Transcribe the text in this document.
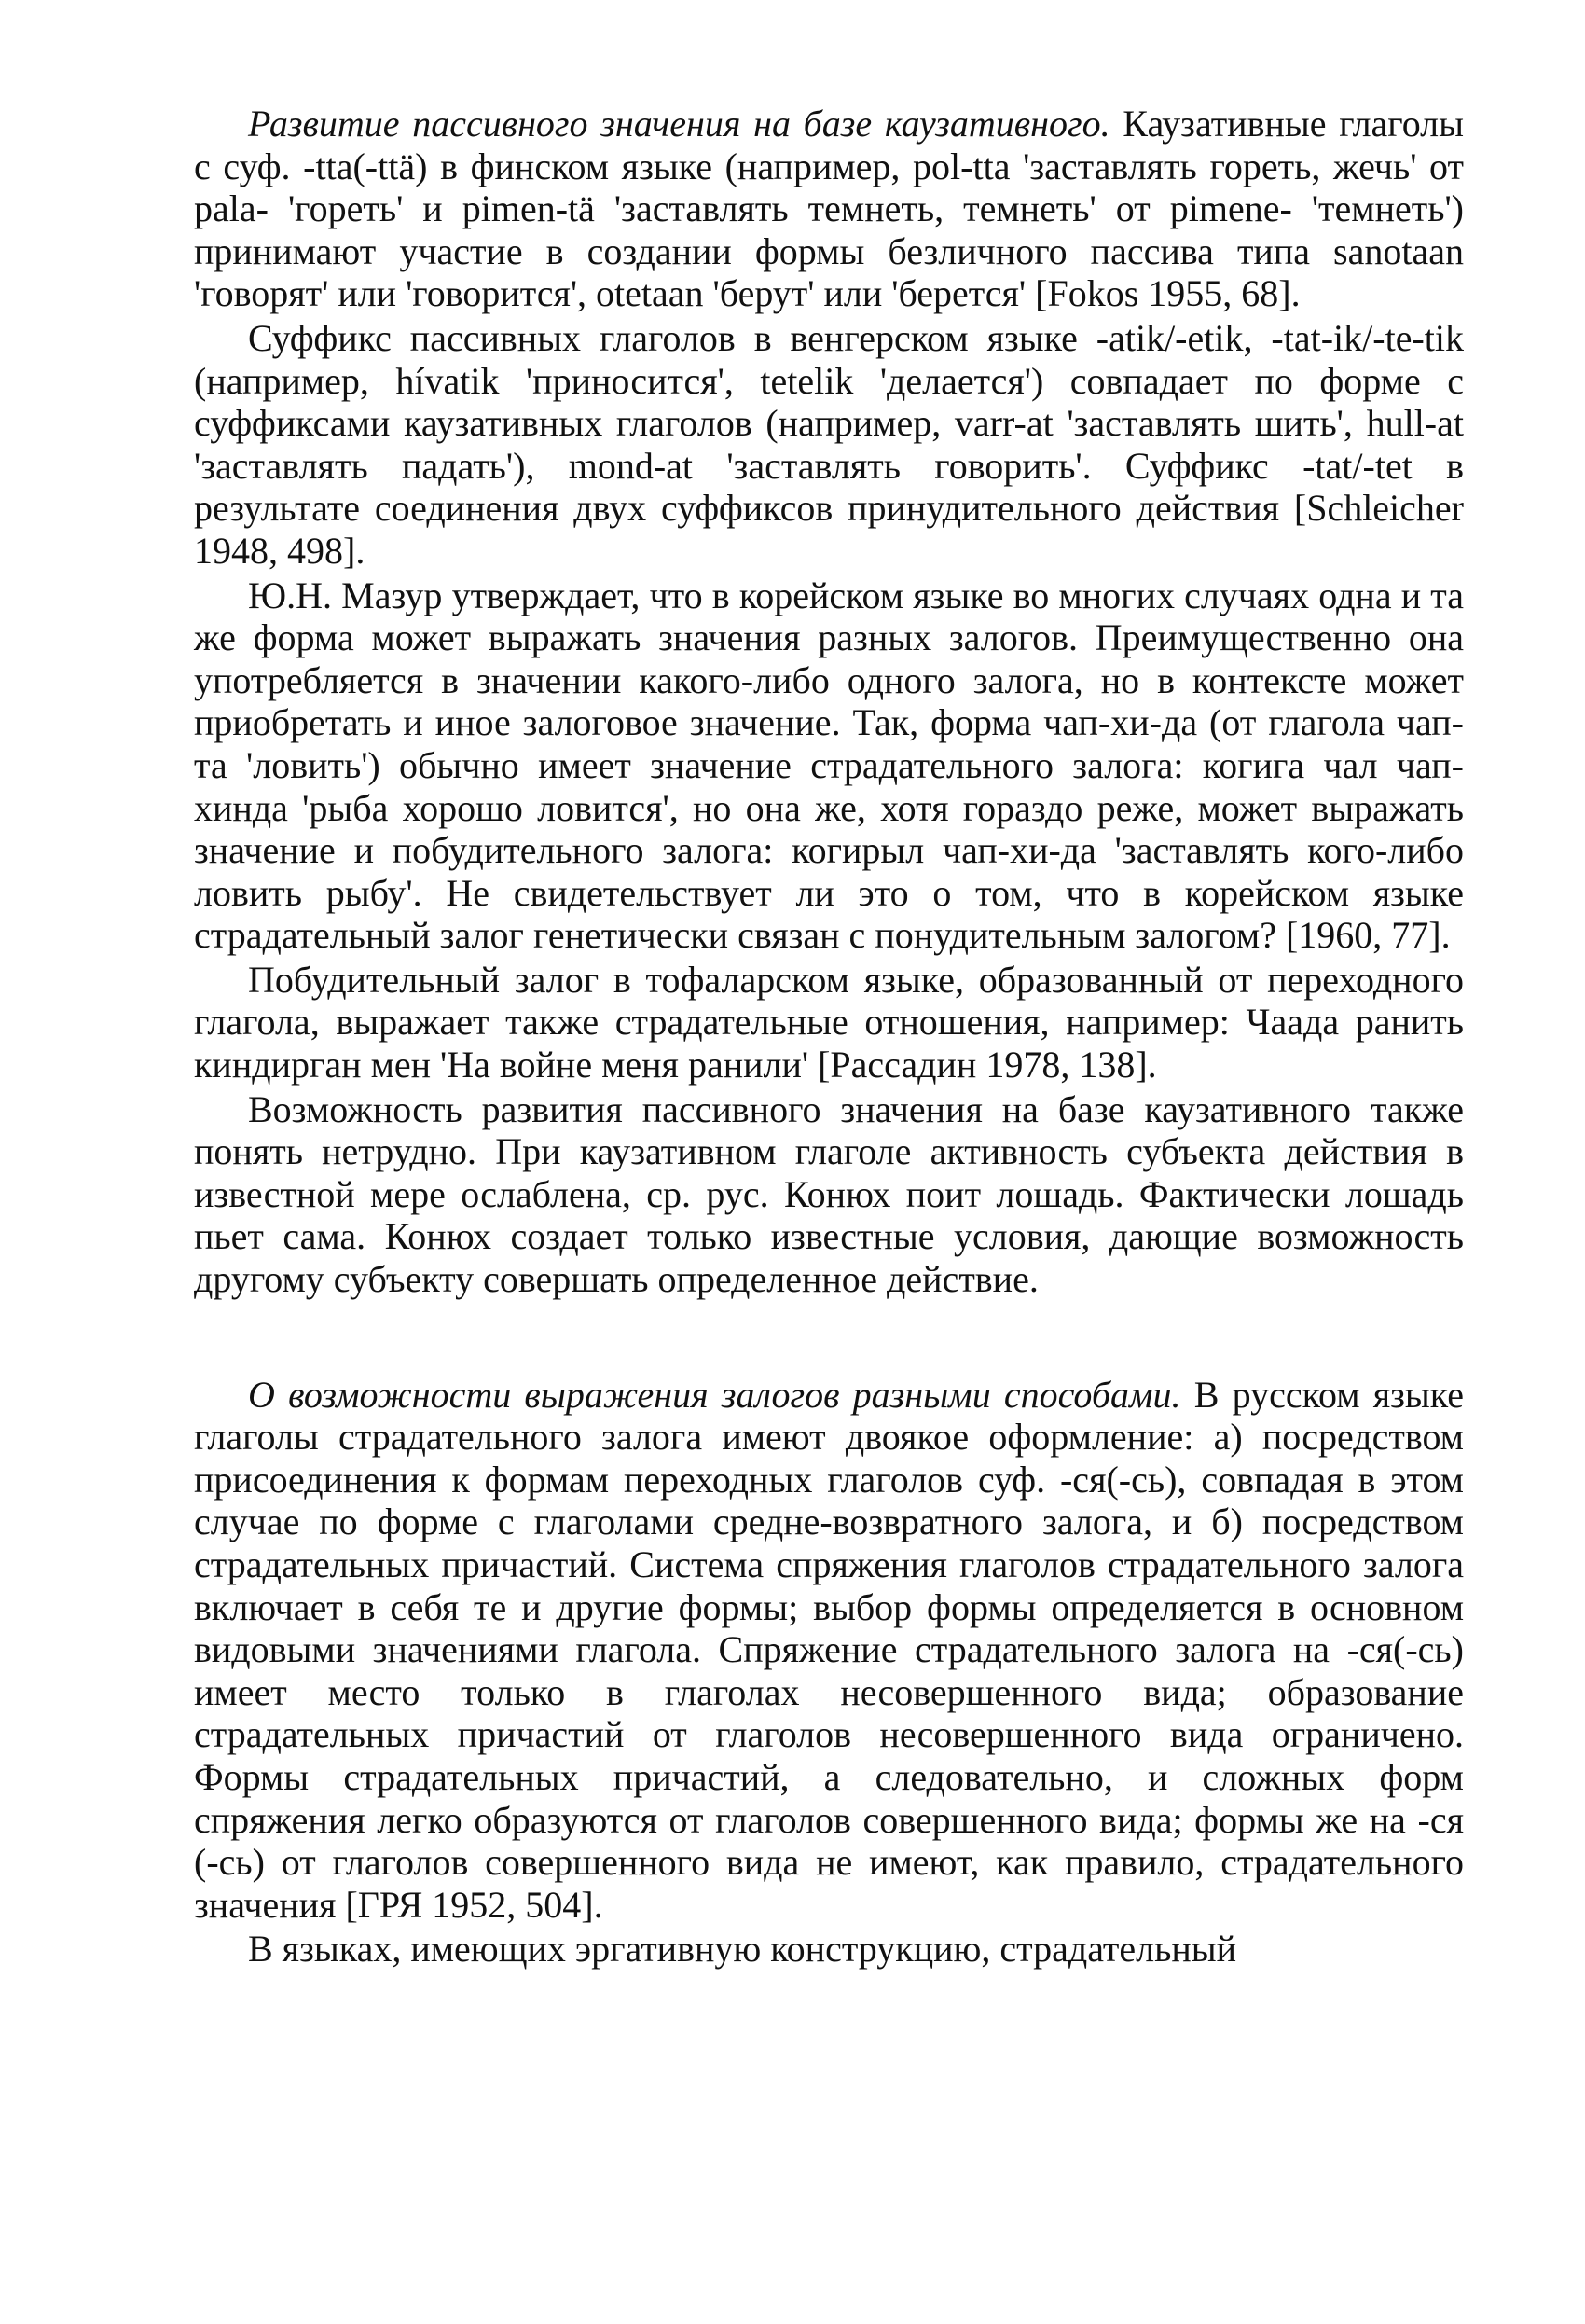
Развитие пассивного значения на базе каузативного. Каузативные глаголы с суф. -tta(-ttä) в финском языке (например, pol-tta 'заставлять гореть, жечь' от pala- 'гореть' и pimen-tä 'заставлять темнеть, темнеть' от pimene- 'темнеть') принимают участие в создании формы безличного пассива типа sanotaan 'говорят' или 'говорится', otetaan 'берут' или 'берется' [Fokos 1955, 68].

Суффикс пассивных глаголов в венгерском языке -atik/-etik, -tat-ik/-te-tik (например, hívatik 'приносится', tetelik 'делается') совпадает по форме с суффиксами каузативных глаголов (например, varr-at 'заставлять шить', hull-at 'заставлять падать'), mond-at 'заставлять говорить'. Суффикс -tat/-tet в результате соединения двух суффиксов принудительного действия [Schleicher 1948, 498].

Ю.Н. Мазур утверждает, что в корейском языке во многих случаях одна и та же форма может выражать значения разных залогов. Преимущественно она употребляется в значении какого-либо одного залога, но в контексте может приобретать и иное залоговое значение. Так, форма чап-хи-да (от глагола чап-та 'ловить') обычно имеет значение страдательного залога: когига чал чап-хинда 'рыба хорошо ловится', но она же, хотя гораздо реже, может выражать значение и побудительного залога: когирыл чап-хи-да 'заставлять кого-либо ловить рыбу'. Не свидетельствует ли это о том, что в корейском языке страдательный залог генетически связан с понудительным залогом? [1960, 77].

Побудительный залог в тофаларском языке, образованный от переходного глагола, выражает также страдательные отношения, например: Чаада ранить киндирган мен 'На войне меня ранили' [Рассадин 1978, 138].

Возможность развития пассивного значения на базе каузативного также понять нетрудно. При каузативном глаголе активность субъекта действия в известной мере ослаблена, ср. рус. Конюх поит лошадь. Фактически лошадь пьет сама. Конюх создает только известные условия, дающие возможность другому субъекту совершать определенное действие.

О возможности выражения залогов разными способами. В русском языке глаголы страдательного залога имеют двоякое оформление: а) посредством присоединения к формам переходных глаголов суф. -ся(-сь), совпадая в этом случае по форме с глаголами средне-возвратного залога, и б) посредством страдательных причастий. Система спряжения глаголов страдательного залога включает в себя те и другие формы; выбор формы определяется в основном видовыми значениями глагола. Спряжение страдательного залога на -ся(-сь) имеет место только в глаголах несовершенного вида; образование страдательных причастий от глаголов несовершенного вида ограничено. Формы страдательных причастий, а следовательно, и сложных форм спряжения легко образуются от глаголов совершенного вида; формы же на -ся (-сь) от глаголов совершенного вида не имеют, как правило, страдательного значения [ГРЯ 1952, 504].

В языках, имеющих эргативную конструкцию, страдательный
